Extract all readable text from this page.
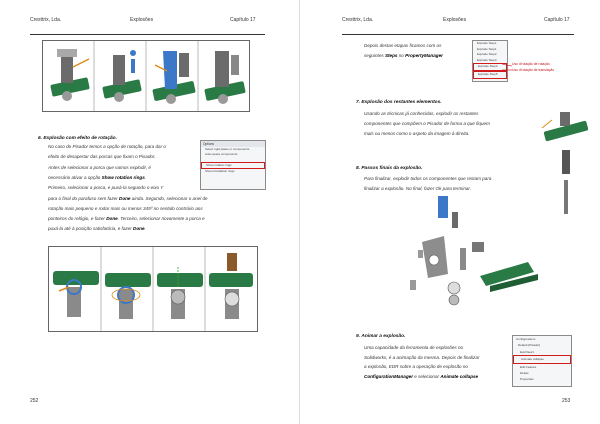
Cresttrix, Lda.	Explosões	Capítulo 17
6. Explosão com efeito de rotação.
No caso do Pisador temos a opção de rotação, para dar o
efeito de desapertar das porcas que fixam o Pisador.
Antes de selecionar a porca que vamos explodir, é
necessário ativar a opção Show rotation rings.
Primeiro, selecionar a porca, e puxá-la segundo o eixo Y
para o final do parafuso sem fazer Done ainda. Segundo, selecionar o anel de
rotação mais pequeno e rodar mais ou menos 345º no sentido contrário aos
ponteiros do relógio, e fazer Done. Terceiro, selecionar novamente a porca e
puxá-la até à posição satisfatória, e fazer Done.
Options
Select rigid plates or components
Auto-space components
Show rotation rings
Show translation rings
252
Cresttrix, Lda.	Explosões	Capítulo 17
Depois destas etapas ficamos com os
seguintes Steps no PropertyManager
Explode Steps
Explode Step1
Explode Step2
Explode Step3
Explode Step4
Explode Step5
Uso d'rotação de rotação
Uso d'rotação de translação
7. Explosão dos restantes elementos.
Usando as técnicas já conhecidas, explodir os restantes
componentes que compõem o Pisador de forma a que fiquem
mais ou menos como o aspeto da imagem à direita.
8. Passos finais da explosão.
Para finalizar, explodir todos os componentes que restam para
finalizar a explosão. No final, fazer Ok para terminar.
9. Animar a explosão.
Uma capacidade da ferramenta de explosões no
Solidworks, é a animação da mesma. Depois de finalizar
a explosão, EDR sobre a operação de explosão no
ConfigurationManager e selecionar Animate collapse
Configurations
Default [Pisador]
ExplView1
Animate collapse
Edit Feature
Delete
Properties
253
